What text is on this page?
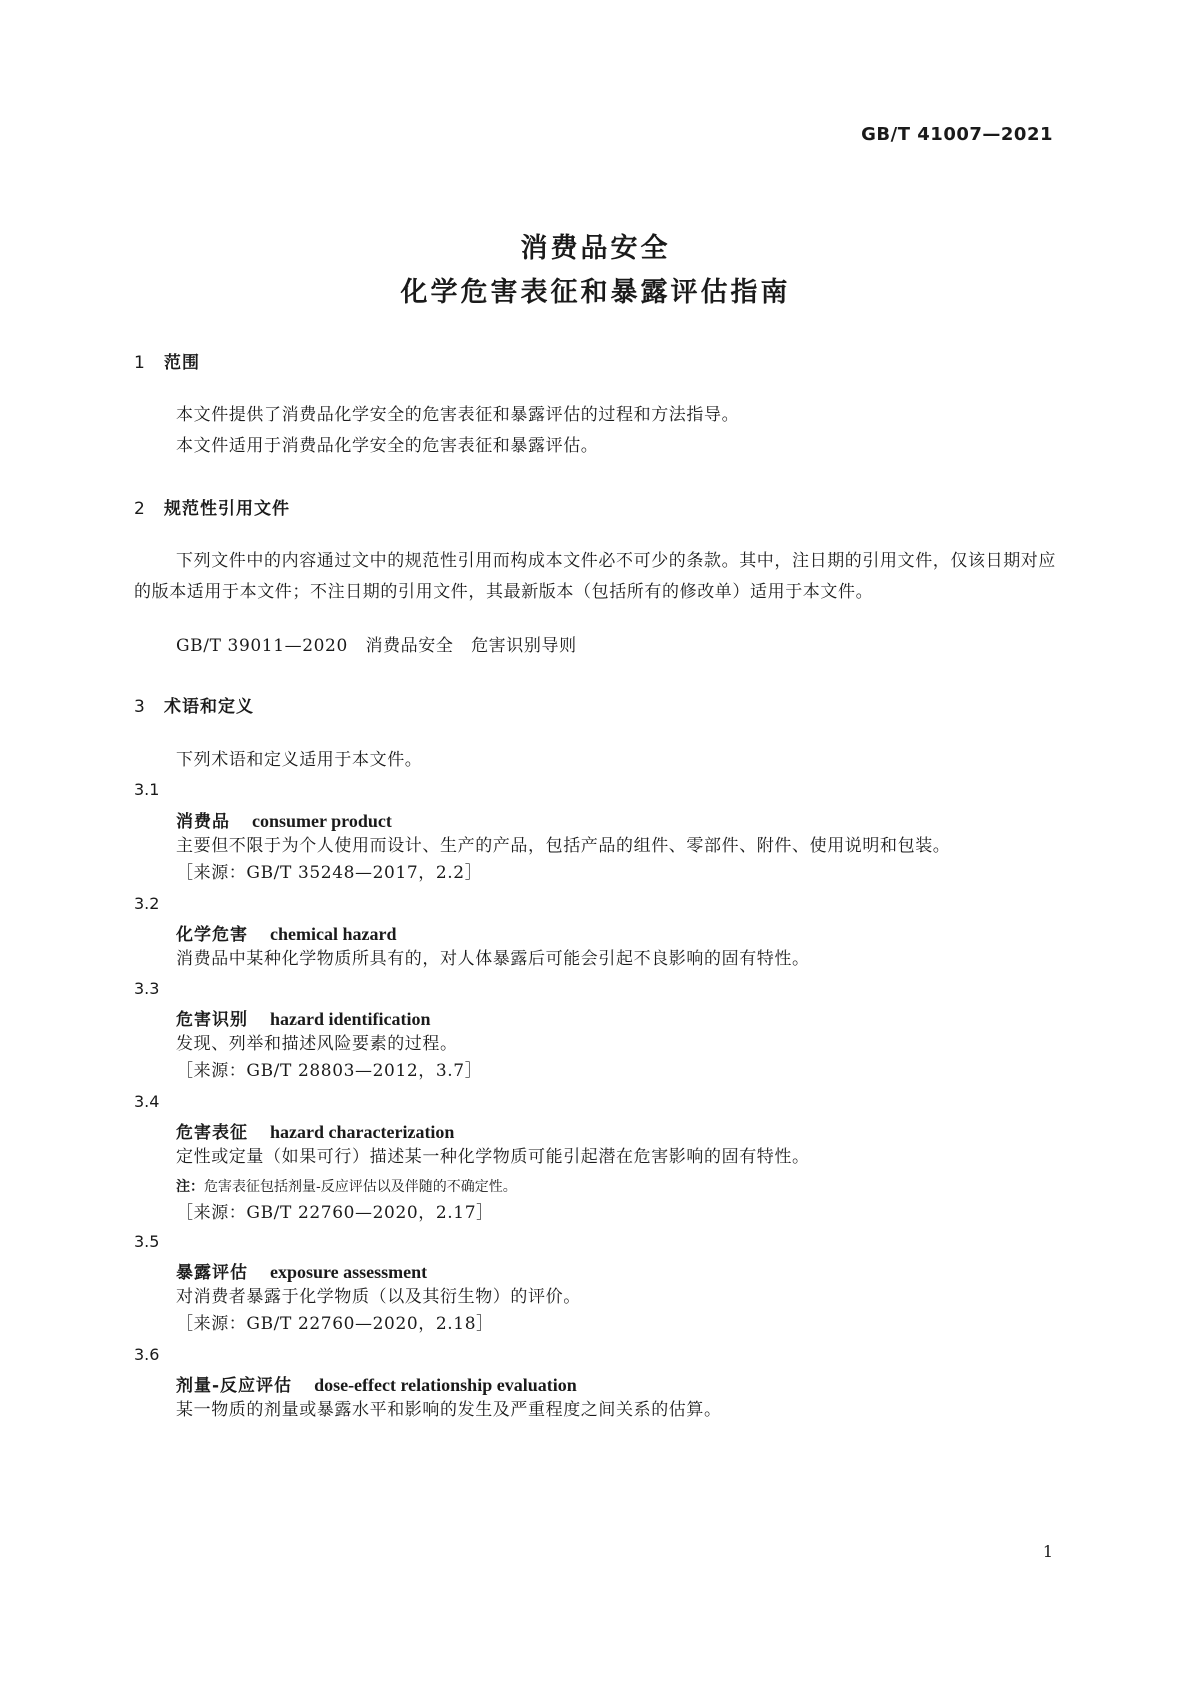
GB/T 41007—2021
消费品安全
化学危害表征和暴露评估指南
1 范围
本文件提供了消费品化学安全的危害表征和暴露评估的过程和方法指导。
本文件适用于消费品化学安全的危害表征和暴露评估。
2 规范性引用文件
下列文件中的内容通过文中的规范性引用而构成本文件必不可少的条款。其中，注日期的引用文件，仅该日期对应的版本适用于本文件；不注日期的引用文件，其最新版本（包括所有的修改单）适用于本文件。
GB/T 39011—2020　消费品安全　危害识别导则
3 术语和定义
下列术语和定义适用于本文件。
3.1
消费品 consumer product
主要但不限于为个人使用而设计、生产的产品，包括产品的组件、零部件、附件、使用说明和包装。
［来源：GB/T 35248—2017，2.2］
3.2
化学危害 chemical hazard
消费品中某种化学物质所具有的，对人体暴露后可能会引起不良影响的固有特性。
3.3
危害识别 hazard identification
发现、列举和描述风险要素的过程。
［来源：GB/T 28803—2012，3.7］
3.4
危害表征 hazard characterization
定性或定量（如果可行）描述某一种化学物质可能引起潜在危害影响的固有特性。
注：危害表征包括剂量-反应评估以及伴随的不确定性。
［来源：GB/T 22760—2020，2.17］
3.5
暴露评估 exposure assessment
对消费者暴露于化学物质（以及其衍生物）的评价。
［来源：GB/T 22760—2020，2.18］
3.6
剂量-反应评估 dose-effect relationship evaluation
某一物质的剂量或暴露水平和影响的发生及严重程度之间关系的估算。
1
